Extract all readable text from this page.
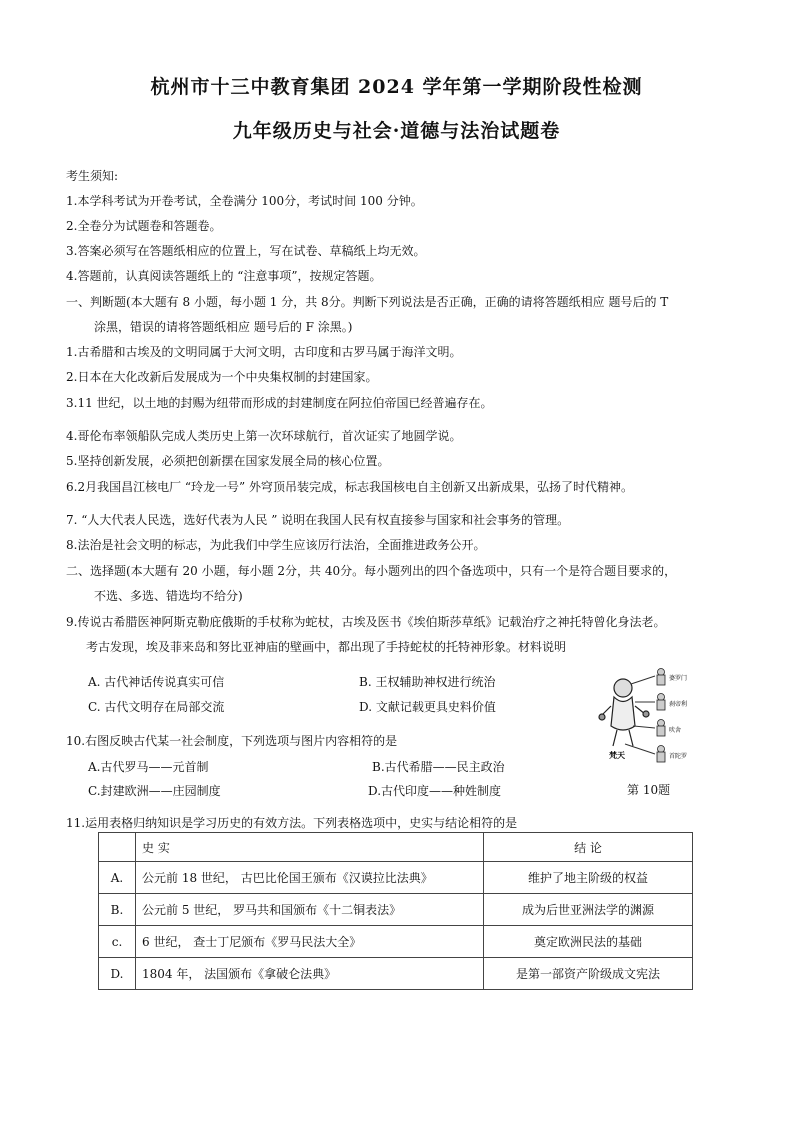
杭州市十三中教育集团 2024 学年第一学期阶段性检测
九年级历史与社会·道德与法治试题卷
考生须知:
1.本学科考试为开卷考试，全卷满分 100分，考试时间 100 分钟。
2.全卷分为试题卷和答题卷。
3.答案必须写在答题纸相应的位置上，写在试卷、草稿纸上均无效。
4.答题前，认真阅读答题纸上的 “注意事项”，按规定答题。
一、判断题(本大题有 8 小题，每小题 1 分，共 8分。判断下列说法是否正确，正确的请将答题纸相应 题号后的 T
涂黑，错误的请将答题纸相应 题号后的 F 涂黑。)
1.古希腊和古埃及的文明同属于大河文明，古印度和古罗马属于海洋文明。
2.日本在大化改新后发展成为一个中央集权制的封建国家。
3.11 世纪，以土地的封赐为纽带而形成的封建制度在阿拉伯帝国已经普遍存在。
4.哥伦布率领船队完成人类历史上第一次环球航行，首次证实了地圆学说。
5.坚持创新发展，必须把创新摆在国家发展全局的核心位置。
6.2月我国昌江核电厂 “玲龙一号” 外穹顶吊装完成，标志我国核电自主创新又出新成果，弘扬了时代精神。
7. “人大代表人民选，选好代表为人民 ” 说明在我国人民有权直接参与国家和社会事务的管理。
8.法治是社会文明的标志，为此我们中学生应该厉行法治，全面推进政务公开。
二、选择题(本大题有 20 小题，每小题 2分，共 40分。每小题列出的四个备选项中，只有一个是符合题目要求的，
不选、多选、错选均不给分)
9.传说古希腊医神阿斯克勒庇俄斯的手杖称为蛇杖，古埃及医书《埃伯斯莎草纸》记载治疗之神托特曾化身法老。
考古发现，埃及菲来岛和努比亚神庙的壁画中，都出现了手持蛇杖的托特神形象。材料说明
A. 古代神话传说真实可信	B. 王权辅助神权进行统治
C. 古代文明存在局部交流	D. 文献记载更具史料价值
10.右图反映古代某一社会制度，下列选项与图片内容相符的是
A.古代罗马——元首制	B.古代希腊——民主政治
C.封建欧洲——庄园制度	D.古代印度——种姓制度
婆罗门
刹帝利
吠舍
首陀罗
梵天
第 10题
11.运用表格归纳知识是学习历史的有效方法。下列表格选项中，史实与结论相符的是
	史 实	结 论
A.	公元前 18 世纪， 古巴比伦国王颁布《汉谟拉比法典》	维护了地主阶级的权益
B.	公元前 5 世纪， 罗马共和国颁布《十二铜表法》	成为后世亚洲法学的渊源
c.	6 世纪， 查士丁尼颁布《罗马民法大全》	奠定欧洲民法的基础
D.	1804 年， 法国颁布《拿破仑法典》	是第一部资产阶级成文宪法
